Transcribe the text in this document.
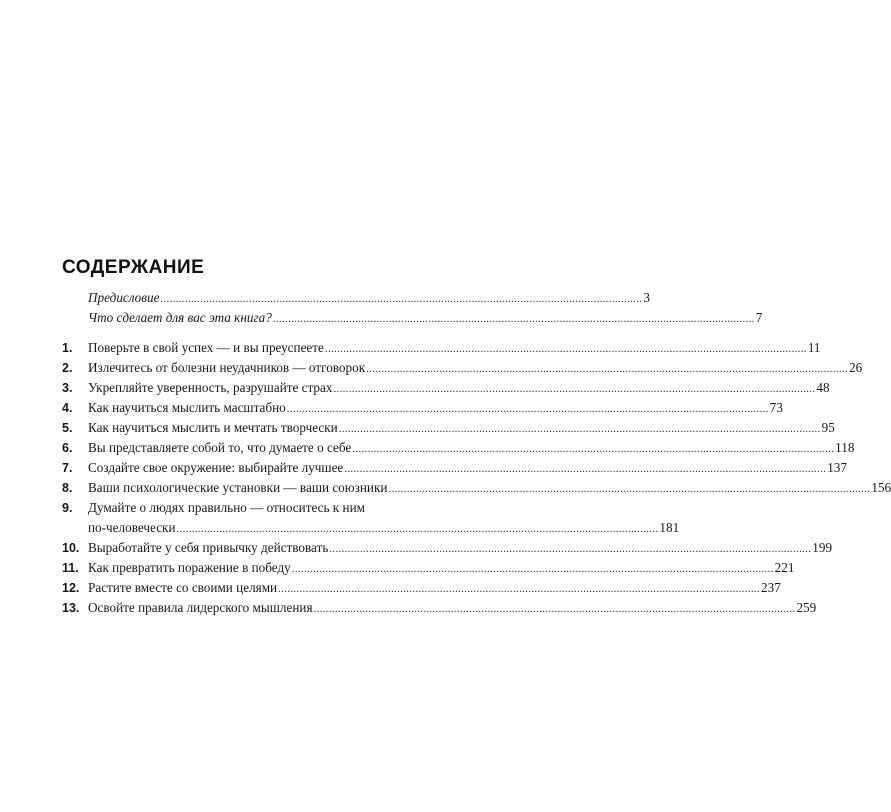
СОДЕРЖАНИЕ
Предисловие .....	3
Что сделает для вас эта книга? .....	7
1.	Поверьте в свой успех — и вы преуспеете .....	11
2.	Излечитесь от болезни неудачников — отговорок .....	26
3.	Укрепляйте уверенность, разрушайте страх .....	48
4.	Как научиться мыслить масштабно .....	73
5.	Как научиться мыслить и мечтать творчески .....	95
6.	Вы представляете собой то, что думаете о себе .....	118
7.	Создайте свое окружение: выбирайте лучшее .....	137
8.	Ваши психологические установки — ваши союзники .....	156
9.	Думайте о людях правильно — относитесь к ним
по-человечески .....	181
10. Выработайте у себя привычку действовать .....	199
11. Как превратить поражение в победу .....	221
12. Растите вместе со своими целями .....	237
13. Освойте правила лидерского мышления .....	259
